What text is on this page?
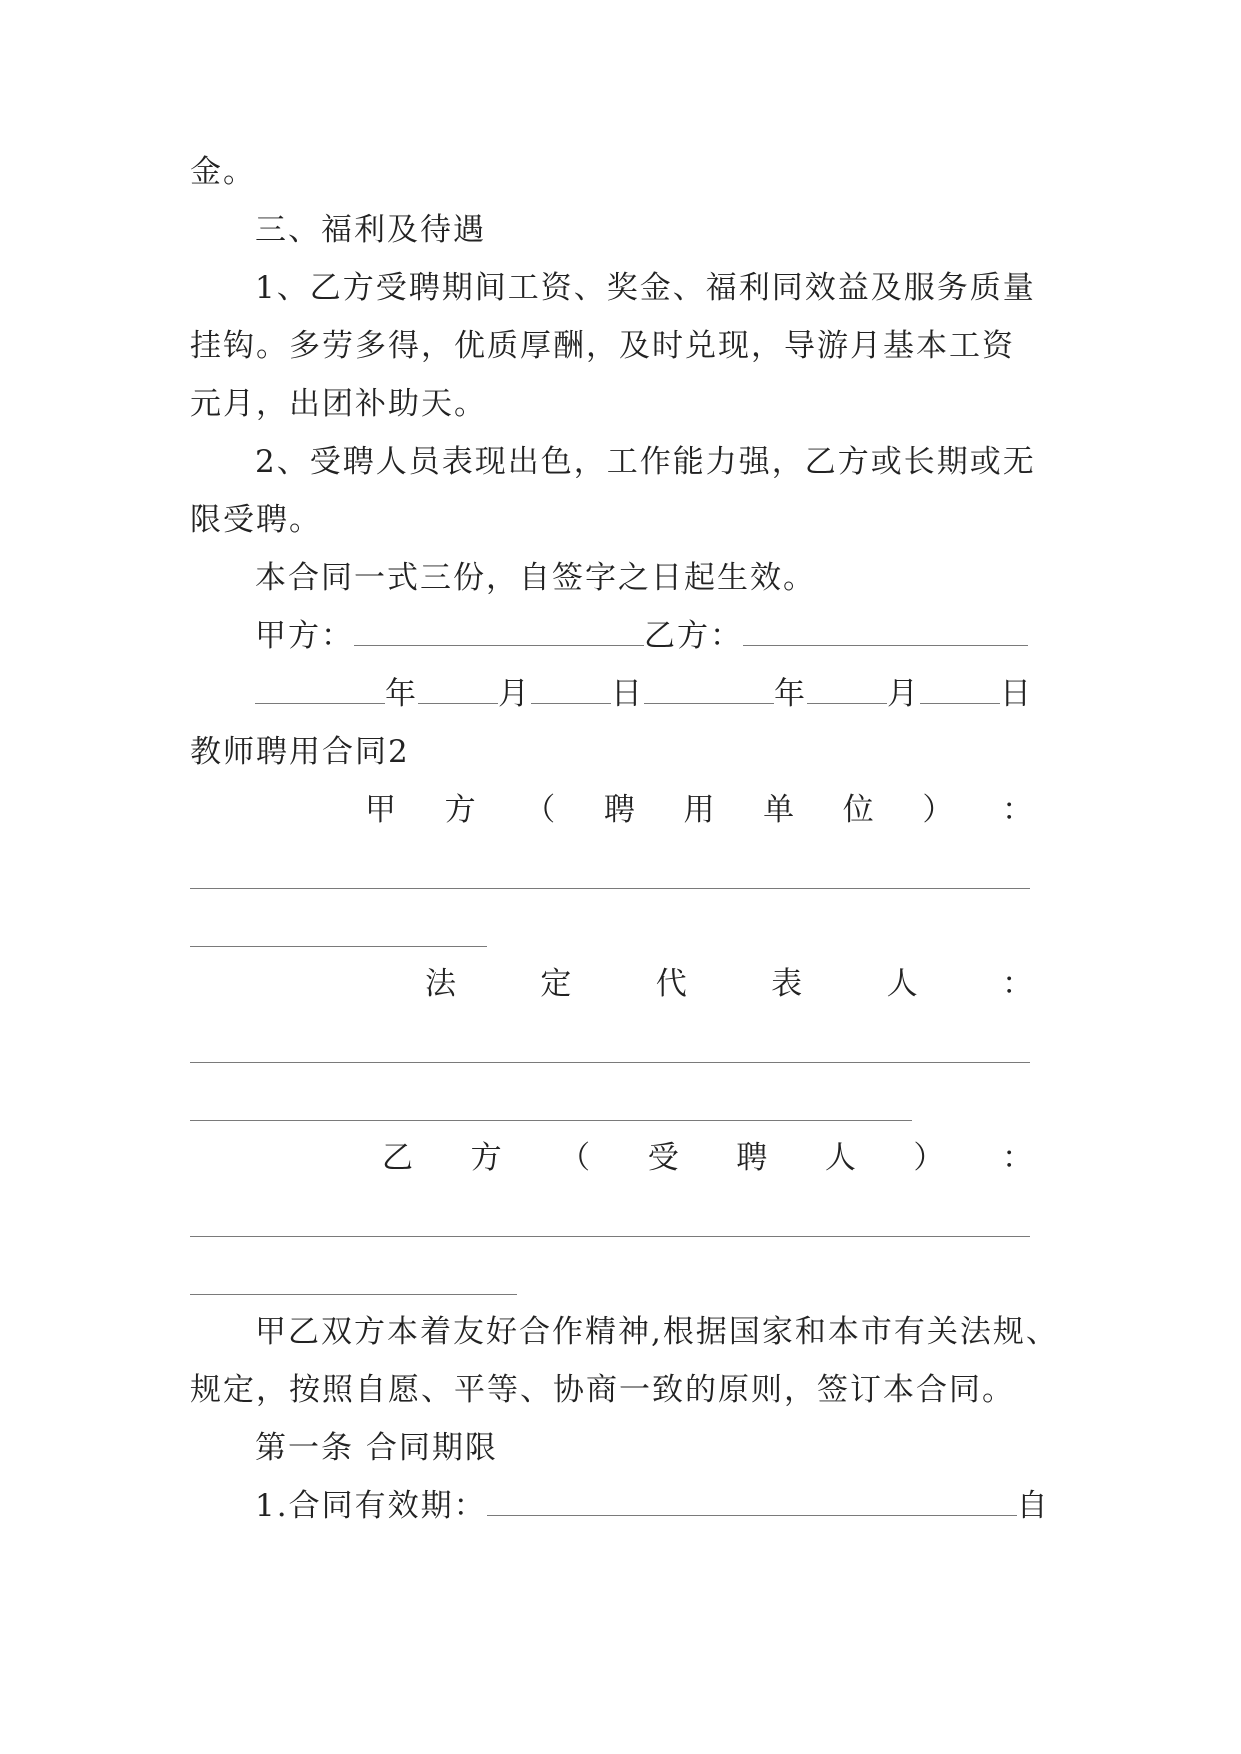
金。
三、福利及待遇
1、乙方受聘期间工资、奖金、福利同效益及服务质量
挂钩。多劳多得，优质厚酬，及时兑现，导游月基本工资
元月，出团补助天。
2、受聘人员表现出色，工作能力强，乙方或长期或无
限受聘。
本合同一式三份，自签字之日起生效。
甲方：	乙方：
年	月	日	年	月	日
教师聘用合同2
甲 方 （ 聘 用 单 位 ） ：
法	定	代	表	人	：
乙 方 （ 受 聘 人 ） ：
甲乙双方本着友好合作精神,根据国家和本市有关法规、
规定，按照自愿、平等、协商一致的原则，签订本合同。
第一条 合同期限
1.合同有效期：	自
